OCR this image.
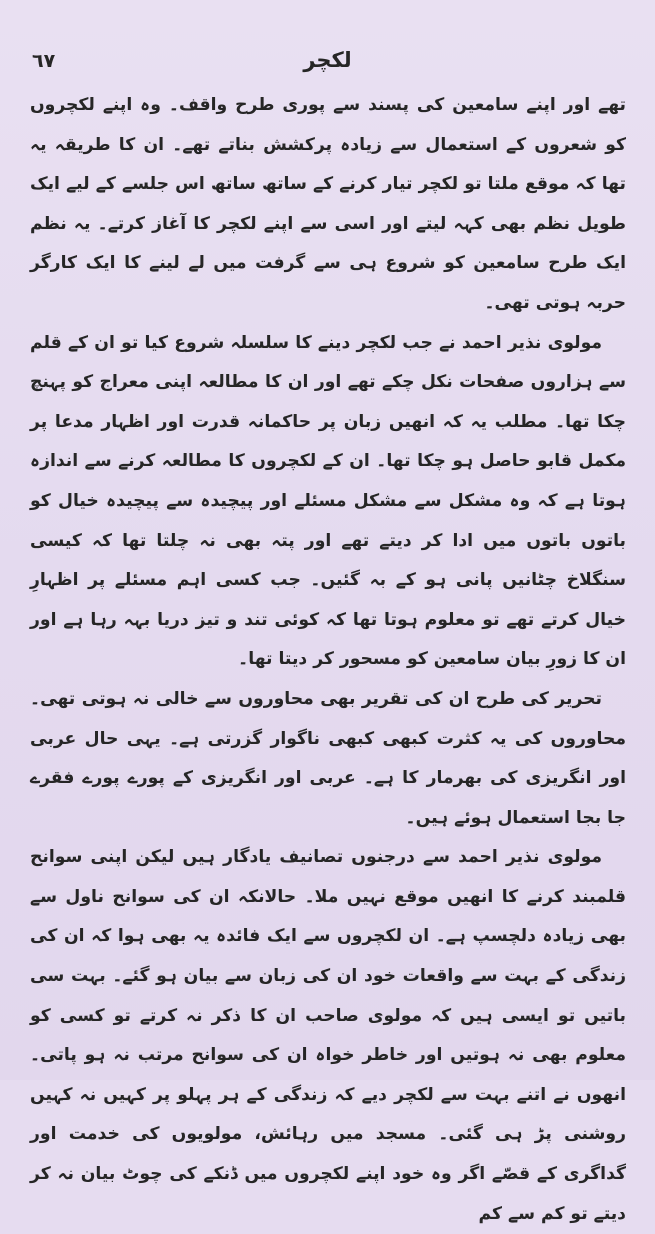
٦٧	لکچر

تھے اور اپنے سامعین کی پسند سے پوری طرح واقف۔ وہ اپنے لکچروں کو شعروں کے استعمال سے زیادہ پرکشش بناتے تھے۔ ان کا طریقہ یہ تھا کہ موقع ملتا تو لکچر تیار کرنے کے ساتھ ساتھ اس جلسے کے لیے ایک طویل نظم بھی کہہ لیتے اور اسی سے اپنے لکچر کا آغاز کرتے۔ یہ نظم ایک طرح سامعین کو شروع ہی سے گرفت میں لے لینے کا ایک کارگر حربہ ہوتی تھی۔

مولوی نذیر احمد نے جب لکچر دینے کا سلسلہ شروع کیا تو ان کے قلم سے ہزاروں صفحات نکل چکے تھے اور ان کا مطالعہ اپنی معراج کو پہنچ چکا تھا۔ مطلب یہ کہ انھیں زبان پر حاکمانہ قدرت اور اظہار مدعا پر مکمل قابو حاصل ہو چکا تھا۔ ان کے لکچروں کا مطالعہ کرنے سے اندازہ ہوتا ہے کہ وہ مشکل سے مشکل مسئلے اور پیچیدہ سے پیچیدہ خیال کو باتوں باتوں میں ادا کر دیتے تھے اور پتہ بھی نہ چلتا تھا کہ کیسی سنگلاخ چٹانیں پانی ہو کے بہ گئیں۔ جب کسی اہم مسئلے پر اظہارِ خیال کرتے تھے تو معلوم ہوتا تھا کہ کوئی تند و تیز دریا بہہ رہا ہے اور ان کا زورِ بیان سامعین کو مسحور کر دیتا تھا۔

تحریر کی طرح ان کی تقریر بھی محاوروں سے خالی نہ ہوتی تھی۔ محاوروں کی یہ کثرت کبھی کبھی ناگوار گزرتی ہے۔ یہی حال عربی اور انگریزی کی بھرمار کا ہے۔ عربی اور انگریزی کے پورے پورے فقرے جا بجا استعمال ہوئے ہیں۔

مولوی نذیر احمد سے درجنوں تصانیف یادگار ہیں لیکن اپنی سوانح قلمبند کرنے کا انھیں موقع نہیں ملا۔ حالانکہ ان کی سوانح ناول سے بھی زیادہ دلچسپ ہے۔ ان لکچروں سے ایک فائدہ یہ بھی ہوا کہ ان کی زندگی کے بہت سے واقعات خود ان کی زبان سے بیان ہو گئے۔ بہت سی باتیں تو ایسی ہیں کہ مولوی صاحب ان کا ذکر نہ کرتے تو کسی کو معلوم بھی نہ ہوتیں اور خاطر خواہ ان کی سوانح مرتب نہ ہو پاتی۔ انھوں نے اتنے بہت سے لکچر دیے کہ زندگی کے ہر پہلو پر کہیں نہ کہیں روشنی پڑ ہی گئی۔ مسجد میں رہائش، مولویوں کی خدمت اور گداگری کے قصّے اگر وہ خود اپنے لکچروں میں ڈنکے کی چوٹ بیان نہ کر دیتے تو کم سے کم
